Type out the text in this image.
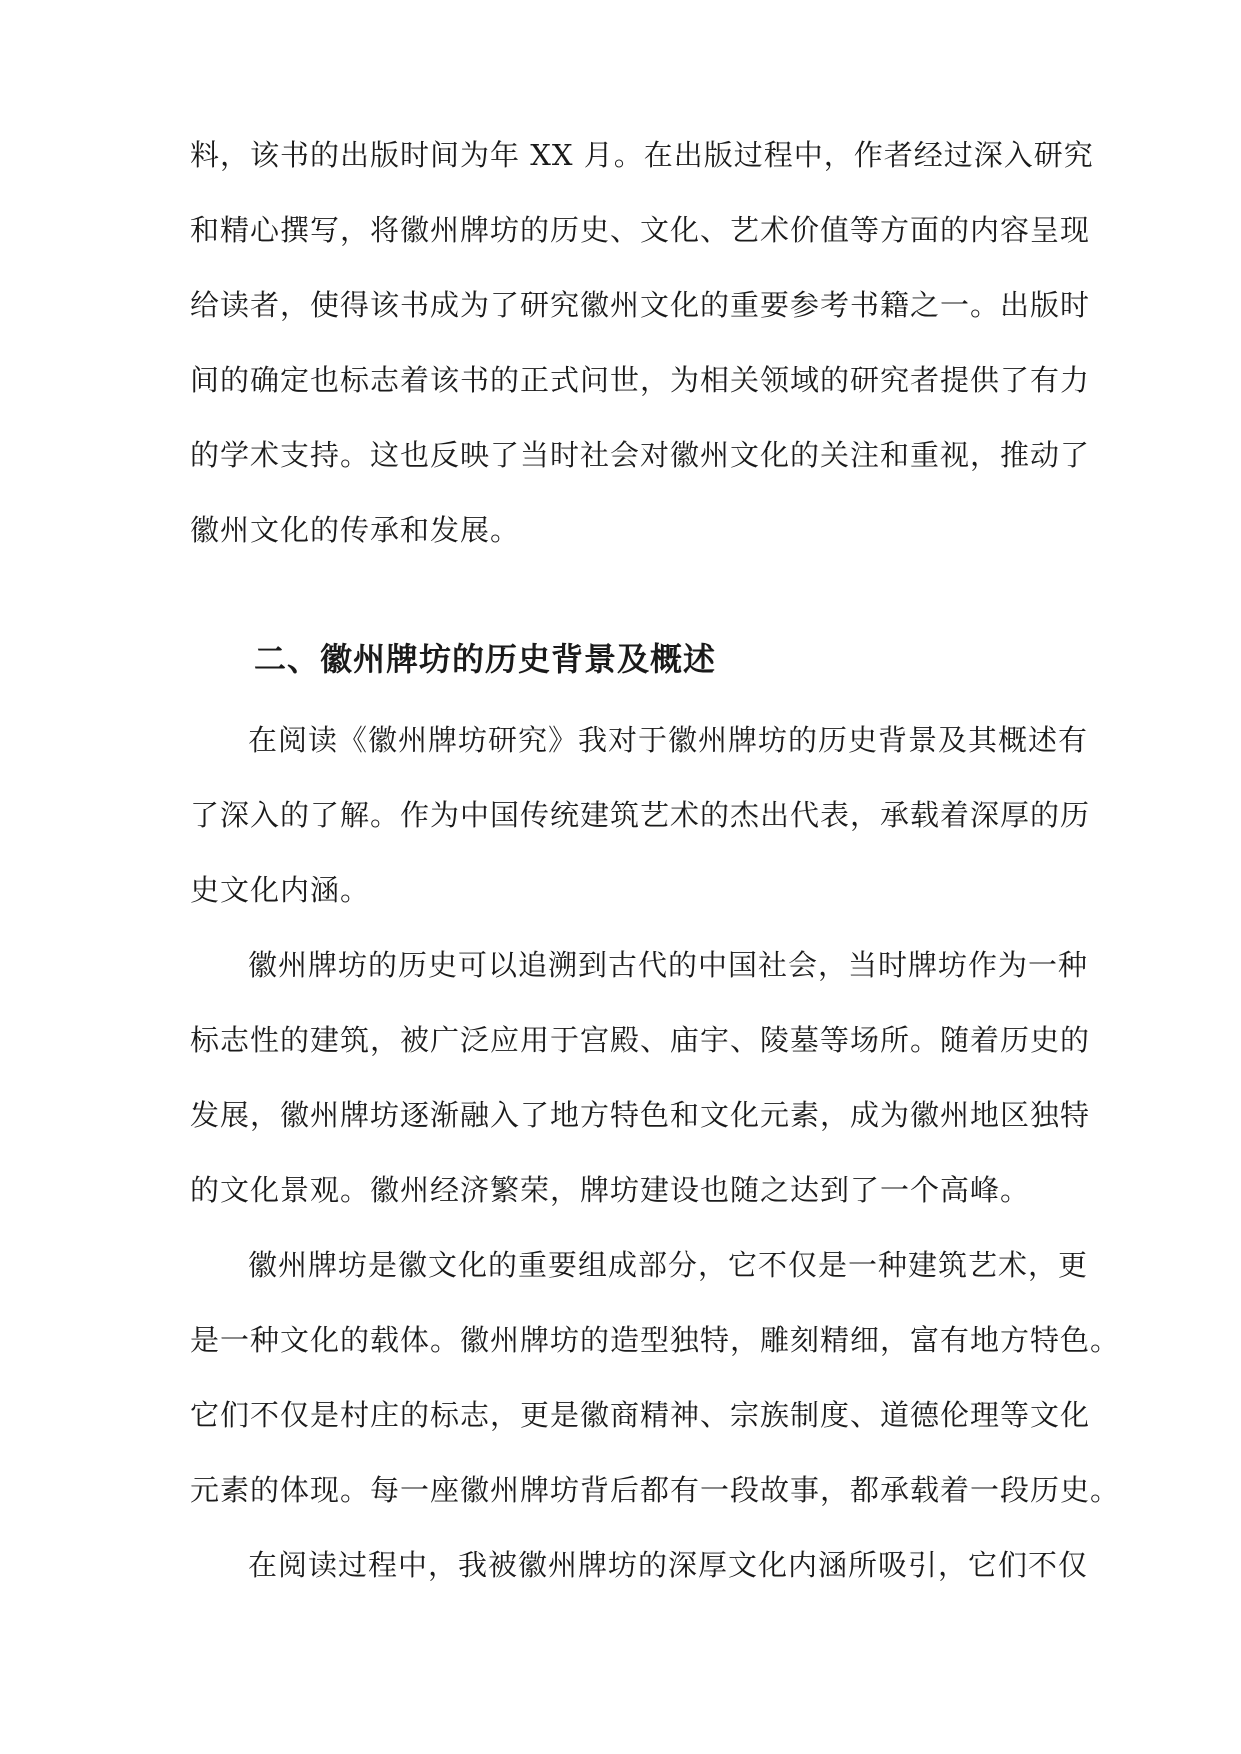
料，该书的出版时间为年 XX 月。在出版过程中，作者经过深入研究
和精心撰写，将徽州牌坊的历史、文化、艺术价值等方面的内容呈现
给读者，使得该书成为了研究徽州文化的重要参考书籍之一。出版时
间的确定也标志着该书的正式问世，为相关领域的研究者提供了有力
的学术支持。这也反映了当时社会对徽州文化的关注和重视，推动了
徽州文化的传承和发展。
二、徽州牌坊的历史背景及概述
在阅读《徽州牌坊研究》我对于徽州牌坊的历史背景及其概述有
了深入的了解。作为中国传统建筑艺术的杰出代表，承载着深厚的历
史文化内涵。
徽州牌坊的历史可以追溯到古代的中国社会，当时牌坊作为一种
标志性的建筑，被广泛应用于宫殿、庙宇、陵墓等场所。随着历史的
发展，徽州牌坊逐渐融入了地方特色和文化元素，成为徽州地区独特
的文化景观。徽州经济繁荣，牌坊建设也随之达到了一个高峰。
徽州牌坊是徽文化的重要组成部分，它不仅是一种建筑艺术，更
是一种文化的载体。徽州牌坊的造型独特，雕刻精细，富有地方特色。
它们不仅是村庄的标志，更是徽商精神、宗族制度、道德伦理等文化
元素的体现。每一座徽州牌坊背后都有一段故事，都承载着一段历史。
在阅读过程中，我被徽州牌坊的深厚文化内涵所吸引，它们不仅
